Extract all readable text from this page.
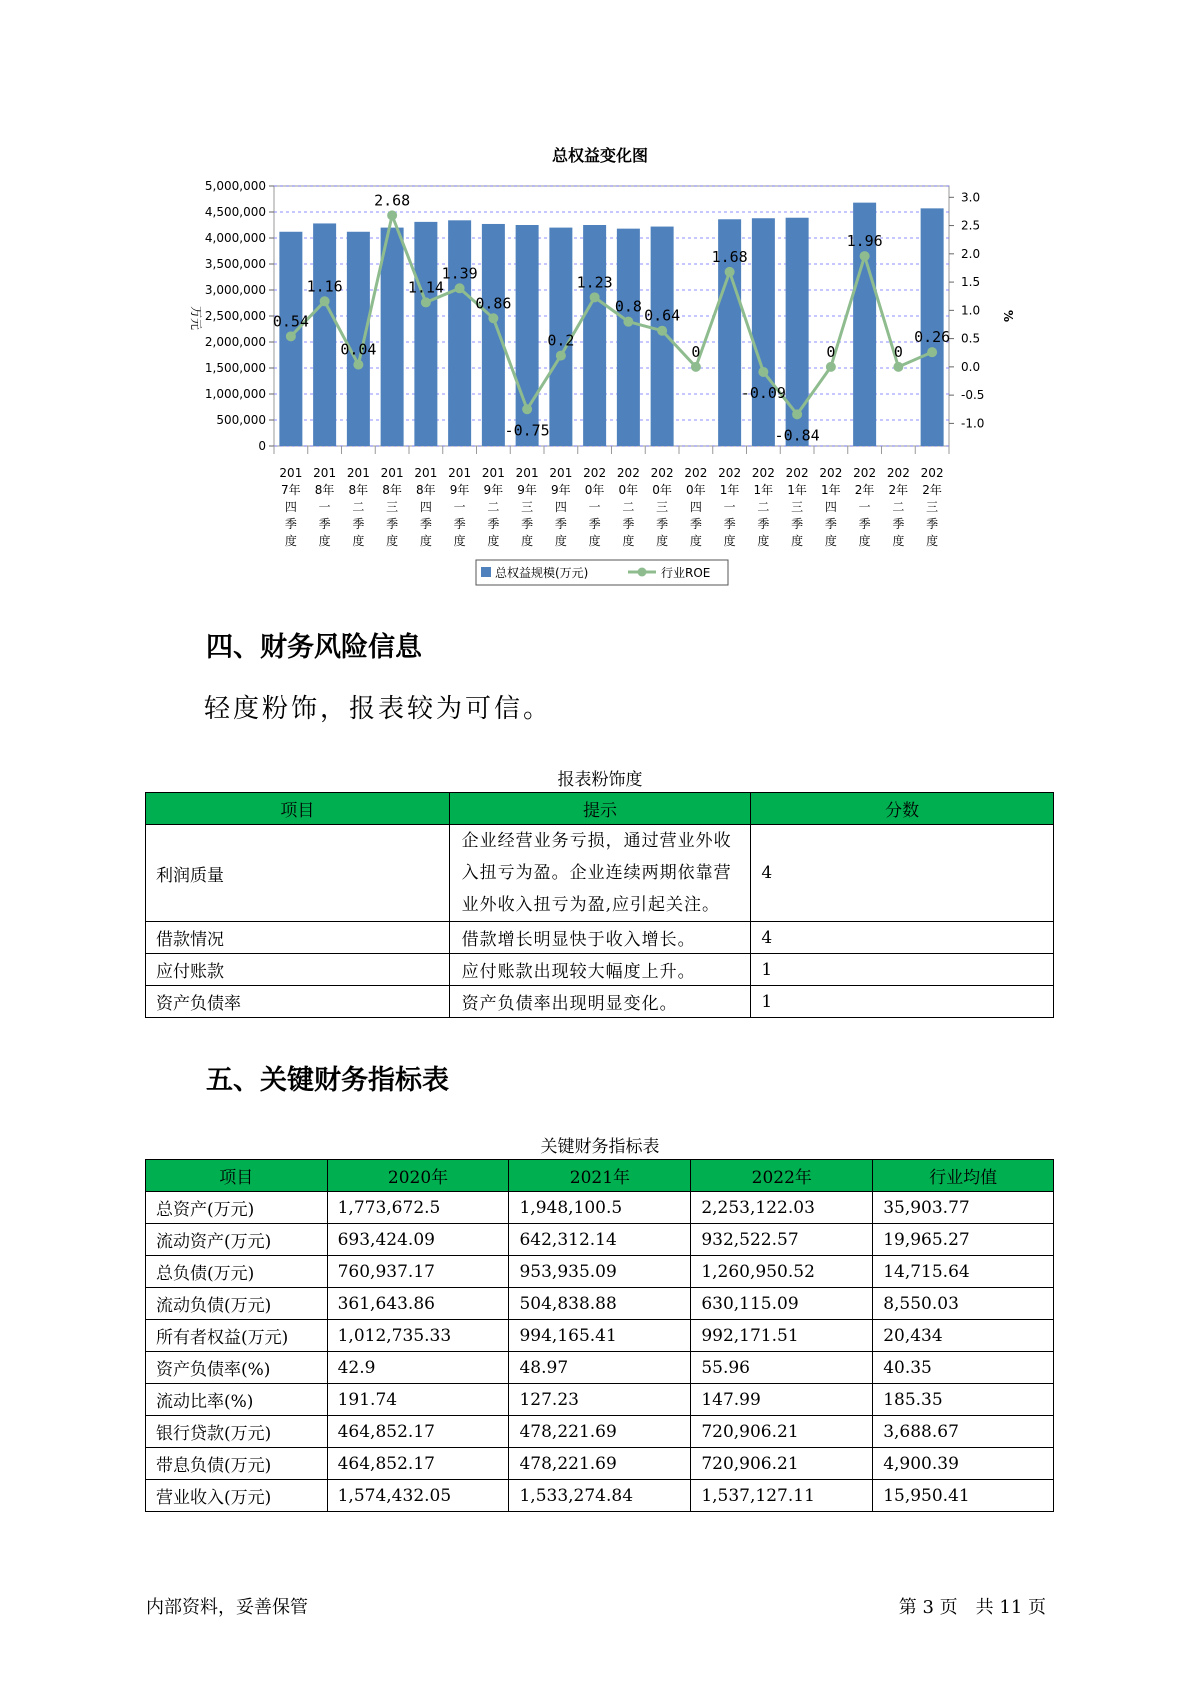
总权益变化图
5,000,000
4,500,000
4,000,000
3,500,000
3,000,000
2,500,000
2,000,000
1,500,000
1,000,000
500,000
0
3.0
2.5
2.0
1.5
1.0
0.5
0.0
-0.5
-1.0
万元	%
0.54
1.16
0.04
2.68
1.14
1.39
0.86
-0.75
0.2
1.23
0.8
0.64
0
1.68
-0.09
-0.84
0
1.96
0
0.26
201
7年
四
季
度
201
8年
一
季
度
201
8年
二
季
度
201
8年
三
季
度
201
8年
四
季
度
201
9年
一
季
度
201
9年
二
季
度
201
9年
三
季
度
201
9年
四
季
度
202
0年
一
季
度
202
0年
二
季
度
202
0年
三
季
度
202
0年
四
季
度
202
1年
一
季
度
202
1年
二
季
度
202
1年
三
季
度
202
1年
四
季
度
202
2年
一
季
度
202
2年
二
季
度
202
2年
三
季
度
总权益规模(万元)	行业ROE
四、财务风险信息
轻度粉饰，报表较为可信。
报表粉饰度
项目	提示	分数
利润质量	企业经营业务亏损，通过营业外收入扭亏为盈。企业连续两期依靠营业外收入扭亏为盈,应引起关注。	4
借款情况	借款增长明显快于收入增长。	4
应付账款	应付账款出现较大幅度上升。	1
资产负债率	资产负债率出现明显变化。	1
五、关键财务指标表
关键财务指标表
项目	2020年	2021年	2022年	行业均值
总资产(万元)	1,773,672.5	1,948,100.5	2,253,122.03	35,903.77
流动资产(万元)	693,424.09	642,312.14	932,522.57	19,965.27
总负债(万元)	760,937.17	953,935.09	1,260,950.52	14,715.64
流动负债(万元)	361,643.86	504,838.88	630,115.09	8,550.03
所有者权益(万元)	1,012,735.33	994,165.41	992,171.51	20,434
资产负债率(%)	42.9	48.97	55.96	40.35
流动比率(%)	191.74	127.23	147.99	185.35
银行贷款(万元)	464,852.17	478,221.69	720,906.21	3,688.67
带息负债(万元)	464,852.17	478,221.69	720,906.21	4,900.39
营业收入(万元)	1,574,432.05	1,533,274.84	1,537,127.11	15,950.41
内部资料，妥善保管	第 3 页　共 11 页
